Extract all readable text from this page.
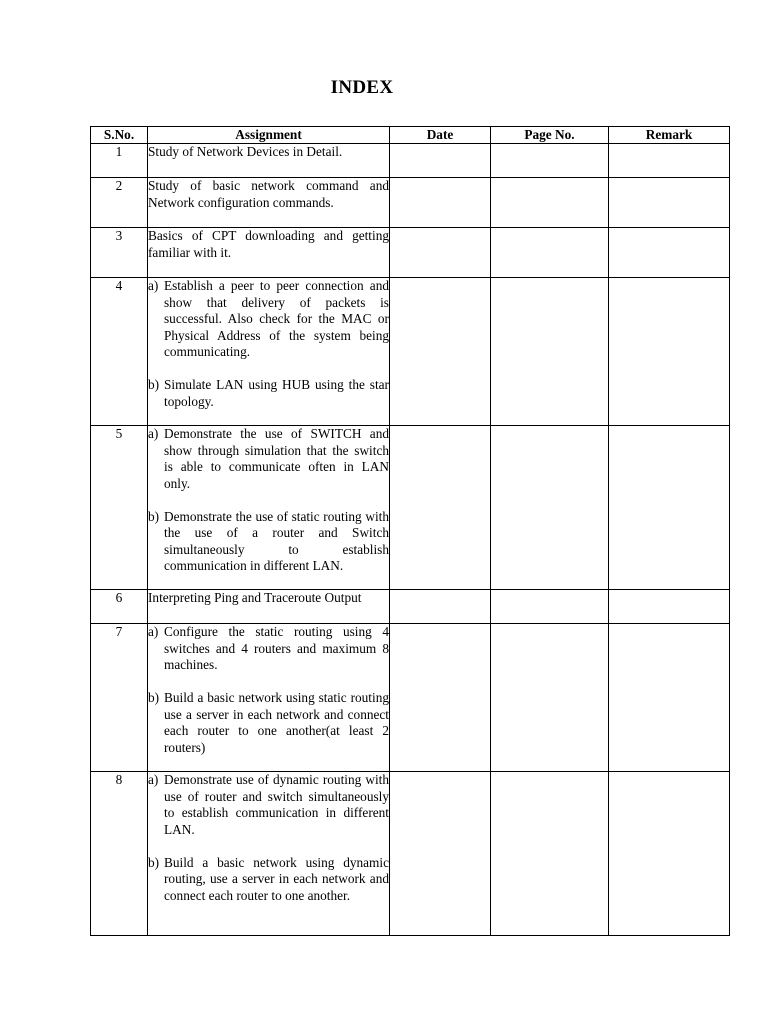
INDEX
S.No.	Assignment	Date	Page No.	Remark
1	Study of Network Devices in Detail.			

2	Study of basic network command and Network configuration commands.			

3	Basics of CPT downloading and getting familiar with it.			

4	a) Establish a peer to peer connection and show that delivery of packets is successful. Also check for the MAC or Physical Address of the system being communicating.
b) Simulate LAN using HUB using the star topology.			

5	a) Demonstrate the use of SWITCH and show through simulation that the switch is able to communicate often in LAN only.
b) Demonstrate the use of static routing with the use of a router and Switch simultaneously to establish communication in different LAN.			

6	Interpreting Ping and Traceroute Output			

7	a) Configure the static routing using 4 switches and 4 routers and maximum 8 machines.
b) Build a basic network using static routing use a server in each network and connect each router to one another(at least 2 routers)			

8	a) Demonstrate use of dynamic routing with use of router and switch simultaneously to establish communication in different LAN.
b) Build a basic network using dynamic routing, use a server in each network and connect each router to one another.			
